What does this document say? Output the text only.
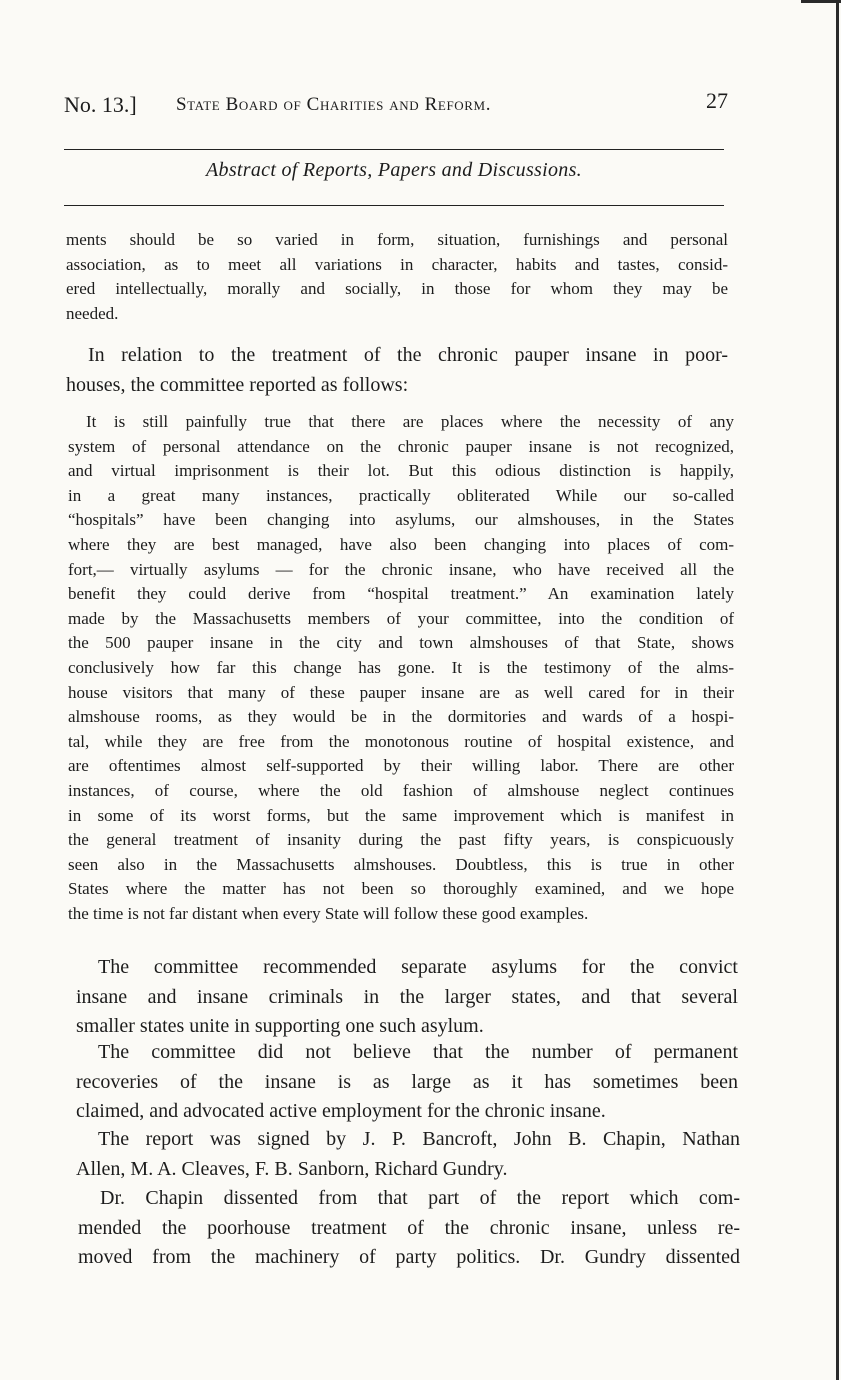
No. 13.] State Board of Charities and Reform.	27
Abstract of Reports, Papers and Discussions.
ments should be so varied in form, situation, furnishings and personal
association, as to meet all variations in character, habits and tastes, consid-
ered intellectually, morally and socially, in those for whom they may be
needed.
In relation to the treatment of the chronic pauper insane in poor-
houses, the committee reported as follows:
It is still painfully true that there are places where the necessity of any
system of personal attendance on the chronic pauper insane is not recognized,
and virtual imprisonment is their lot. But this odious distinction is happily,
in a great many instances, practically obliterated While our so-called
“hospitals” have been changing into asylums, our almshouses, in the States
where they are best managed, have also been changing into places of com-
fort,— virtually asylums — for the chronic insane, who have received all the
benefit they could derive from “hospital treatment.” An examination lately
made by the Massachusetts members of your committee, into the condition of
the 500 pauper insane in the city and town almshouses of that State, shows
conclusively how far this change has gone. It is the testimony of the alms-
house visitors that many of these pauper insane are as well cared for in their
almshouse rooms, as they would be in the dormitories and wards of a hospi-
tal, while they are free from the monotonous routine of hospital existence, and
are oftentimes almost self-supported by their willing labor. There are other
instances, of course, where the old fashion of almshouse neglect continues
in some of its worst forms, but the same improvement which is manifest in
the general treatment of insanity during the past fifty years, is conspicuously
seen also in the Massachusetts almshouses. Doubtless, this is true in other
States where the matter has not been so thoroughly examined, and we hope
the time is not far distant when every State will follow these good examples.
The committee recommended separate asylums for the convict
insane and insane criminals in the larger states, and that several
smaller states unite in supporting one such asylum.
The committee did not believe that the number of permanent
recoveries of the insane is as large as it has sometimes been
claimed, and advocated active employment for the chronic insane.
The report was signed by J. P. Bancroft, John B. Chapin, Nathan
Allen, M. A. Cleaves, F. B. Sanborn, Richard Gundry.
Dr. Chapin dissented from that part of the report which com-
mended the poorhouse treatment of the chronic insane, unless re-
moved from the machinery of party politics. Dr. Gundry dissented
